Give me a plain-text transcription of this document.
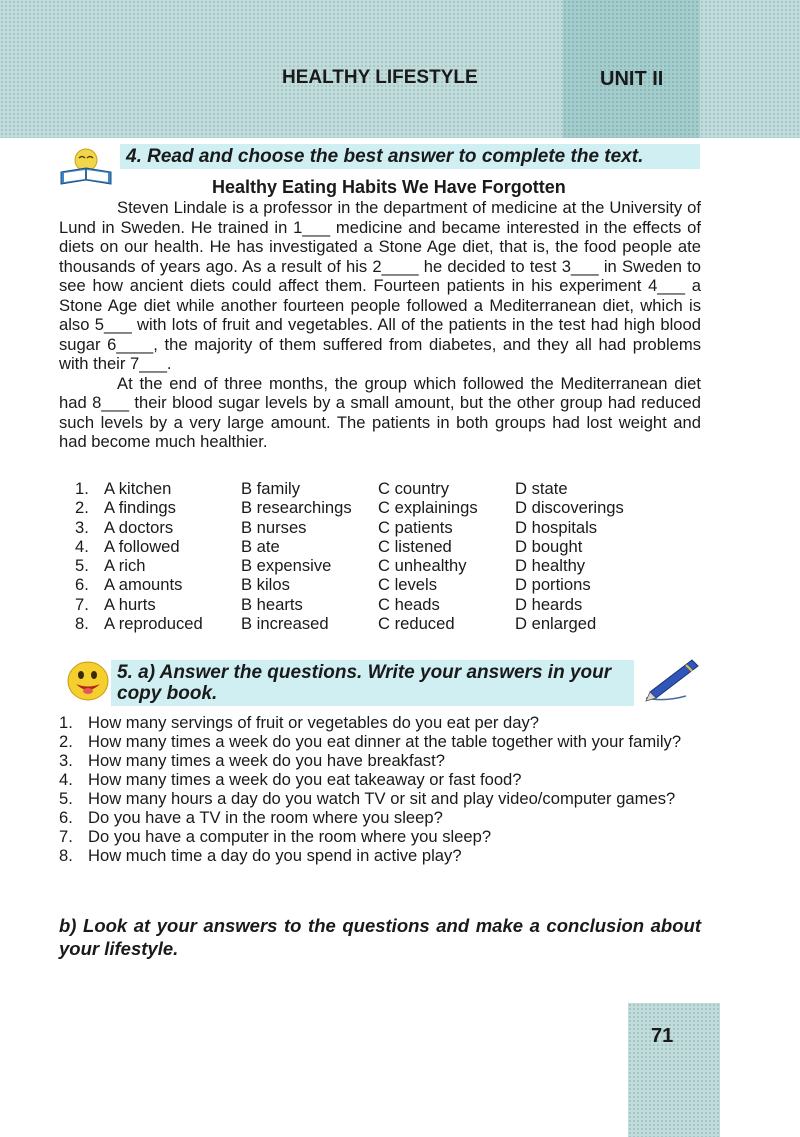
HEALTHY LIFESTYLE	UNIT II
4. Read and choose the best answer to complete the text.
Healthy Eating Habits We Have Forgotten

Steven Lindale is a professor in the department of medicine at the University of Lund in Sweden. He trained in 1___ medicine and became interested in the effects of diets on our health. He has investigated a Stone Age diet, that is, the food people ate thousands of years ago. As a result of his 2____ he decided to test 3___ in Sweden to see how ancient diets could affect them. Fourteen patients in his experiment 4___ a Stone Age diet while another fourteen people followed a Mediterranean diet, which is also 5___ with lots of fruit and vegetables. All of the patients in the test had high blood sugar 6____, the majority of them suffered from diabetes, and they all had problems with their 7___.

At the end of three months, the group which followed the Mediterranean diet had 8___ their blood sugar levels by a small amount, but the other group had reduced such levels by a very large amount. The patients in both groups had lost weight and had become much healthier.

1. A kitchen	B family	C country	D state
2. A findings	B researchings	C explainings	D discoverings
3. A doctors	B nurses	C patients	D hospitals
4. A followed	B ate	C listened	D bought
5. A rich	B expensive	C unhealthy	D healthy
6. A amounts	B kilos	C levels	D portions
7. A hurts	B hearts	C heads	D heards
8. A reproduced	B increased	C reduced	D enlarged
5. a) Answer the questions. Write your answers in your copy book.
1. How many servings of fruit or vegetables do you eat per day?
2. How many times a week do you eat dinner at the table together with your family?
3. How many times a week do you have breakfast?
4. How many times a week do you eat takeaway or fast food?
5. How many hours a day do you watch TV or sit and play video/computer games?
6. Do you have a TV in the room where you sleep?
7. Do you have a computer in the room where you sleep?
8. How much time a day do you spend in active play?
b) Look at your answers to the questions and make a conclusion about your lifestyle.
71
